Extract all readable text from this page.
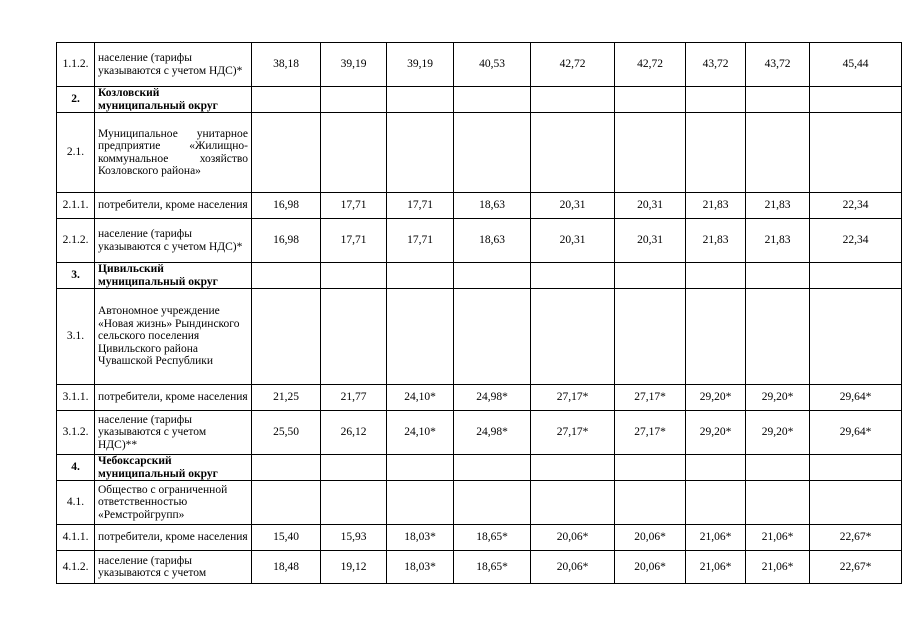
1.1.2.	население (тарифы указываются с учетом НДС)*	38,18	39,19	39,19	40,53	42,72	42,72	43,72	43,72	45,44
2.	Козловский муниципальный округ									
2.1.	Муниципальное унитарное предприятие «Жилищно-коммунальное хозяйство Козловского района»									
2.1.1.	потребители, кроме населения	16,98	17,71	17,71	18,63	20,31	20,31	21,83	21,83	22,34
2.1.2.	население (тарифы указываются с учетом НДС)*	16,98	17,71	17,71	18,63	20,31	20,31	21,83	21,83	22,34
3.	Цивильский муниципальный округ									
3.1.	Автономное учреждение «Новая жизнь» Рындинского сельского поселения Цивильского района Чувашской Республики									
3.1.1.	потребители, кроме населения	21,25	21,77	24,10*	24,98*	27,17*	27,17*	29,20*	29,20*	29,64*
3.1.2.	население (тарифы указываются с учетом НДС)**	25,50	26,12	24,10*	24,98*	27,17*	27,17*	29,20*	29,20*	29,64*
4.	Чебоксарский муниципальный округ									
4.1.	Общество с ограниченной ответственностью «Ремстройгрупп»									
4.1.1.	потребители, кроме населения	15,40	15,93	18,03*	18,65*	20,06*	20,06*	21,06*	21,06*	22,67*
4.1.2.	население (тарифы указываются с учетом	18,48	19,12	18,03*	18,65*	20,06*	20,06*	21,06*	21,06*	22,67*
